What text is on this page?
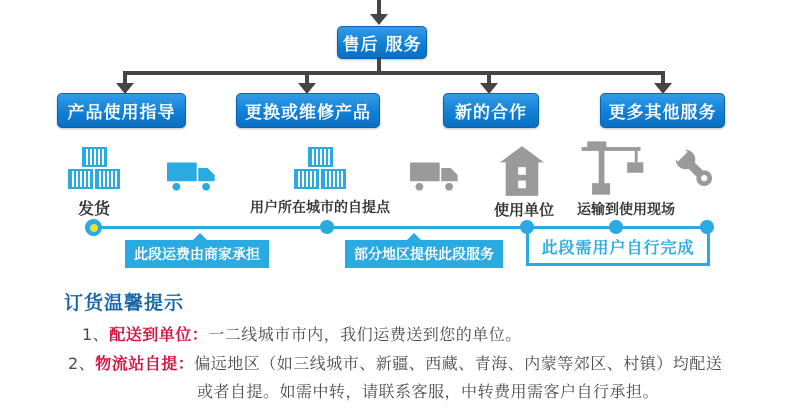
售后 服务
产品使用指导	更换或维修产品	新的合作	更多其他服务
发货	用户所在城市的自提点	使用单位	运输到使用现场
此段运费由商家承担	部分地区提供此段服务	此段需用户自行完成
订货温馨提示
1、配送到单位：一二线城市市内，我们运费送到您的单位。
2、物流站自提：偏远地区（如三线城市、新疆、西藏、青海、内蒙等郊区、村镇）均配送
或者自提。如需中转，请联系客服，中转费用需客户自行承担。
